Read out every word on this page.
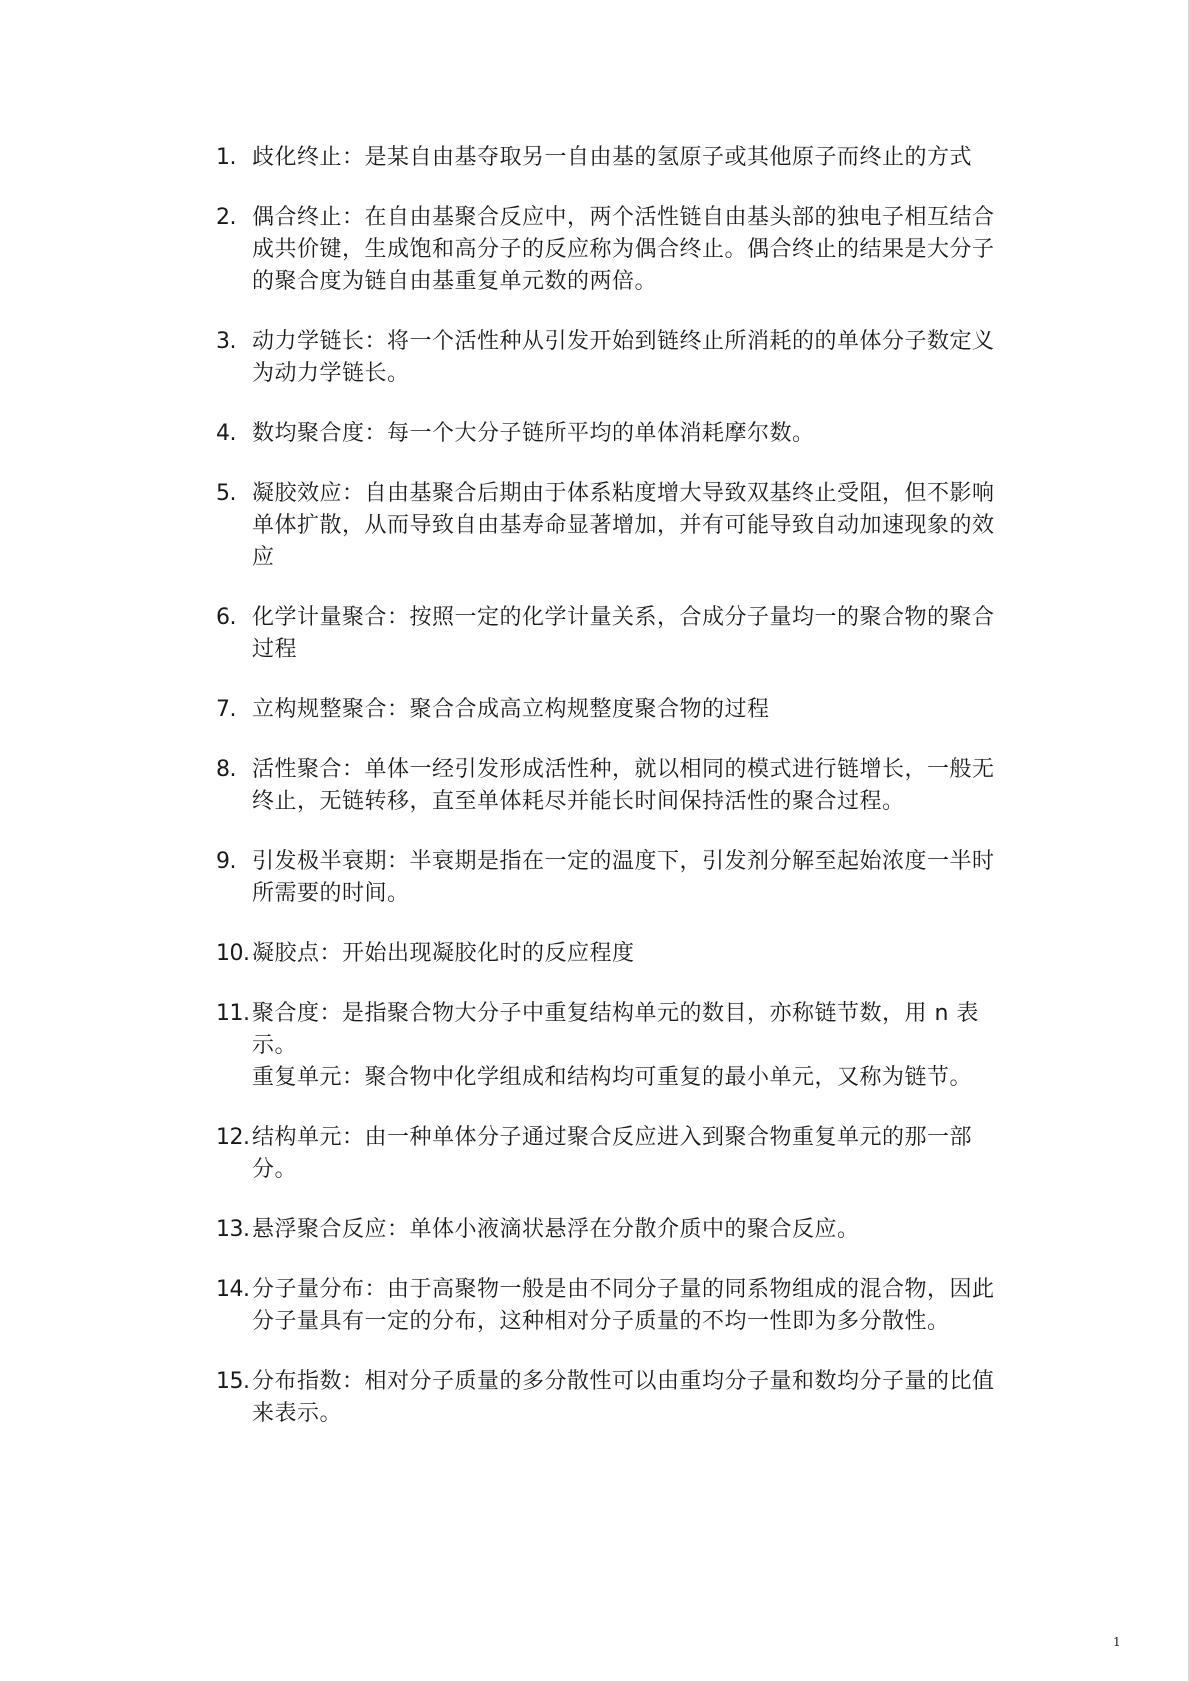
1. 歧化终止：是某自由基夺取另一自由基的氢原子或其他原子而终止的方式
2. 偶合终止：在自由基聚合反应中，两个活性链自由基头部的独电子相互结合成共价键，生成饱和高分子的反应称为偶合终止。偶合终止的结果是大分子的聚合度为链自由基重复单元数的两倍。
3. 动力学链长：将一个活性种从引发开始到链终止所消耗的的单体分子数定义为动力学链长。
4. 数均聚合度：每一个大分子链所平均的单体消耗摩尔数。
5. 凝胶效应：自由基聚合后期由于体系粘度增大导致双基终止受阻，但不影响单体扩散，从而导致自由基寿命显著增加，并有可能导致自动加速现象的效应
6. 化学计量聚合：按照一定的化学计量关系，合成分子量均一的聚合物的聚合过程
7. 立构规整聚合：聚合合成高立构规整度聚合物的过程
8. 活性聚合：单体一经引发形成活性种，就以相同的模式进行链增长，一般无终止，无链转移，直至单体耗尽并能长时间保持活性的聚合过程。
9. 引发极半衰期：半衰期是指在一定的温度下，引发剂分解至起始浓度一半时所需要的时间。
10. 凝胶点：开始出现凝胶化时的反应程度
11. 聚合度：是指聚合物大分子中重复结构单元的数目，亦称链节数，用 n 表示。
重复单元：聚合物中化学组成和结构均可重复的最小单元，又称为链节。
12. 结构单元：由一种单体分子通过聚合反应进入到聚合物重复单元的那一部分。
13. 悬浮聚合反应：单体小液滴状悬浮在分散介质中的聚合反应。
14. 分子量分布：由于高聚物一般是由不同分子量的同系物组成的混合物，因此分子量具有一定的分布，这种相对分子质量的不均一性即为多分散性。
15. 分布指数：相对分子质量的多分散性可以由重均分子量和数均分子量的比值来表示。
1
